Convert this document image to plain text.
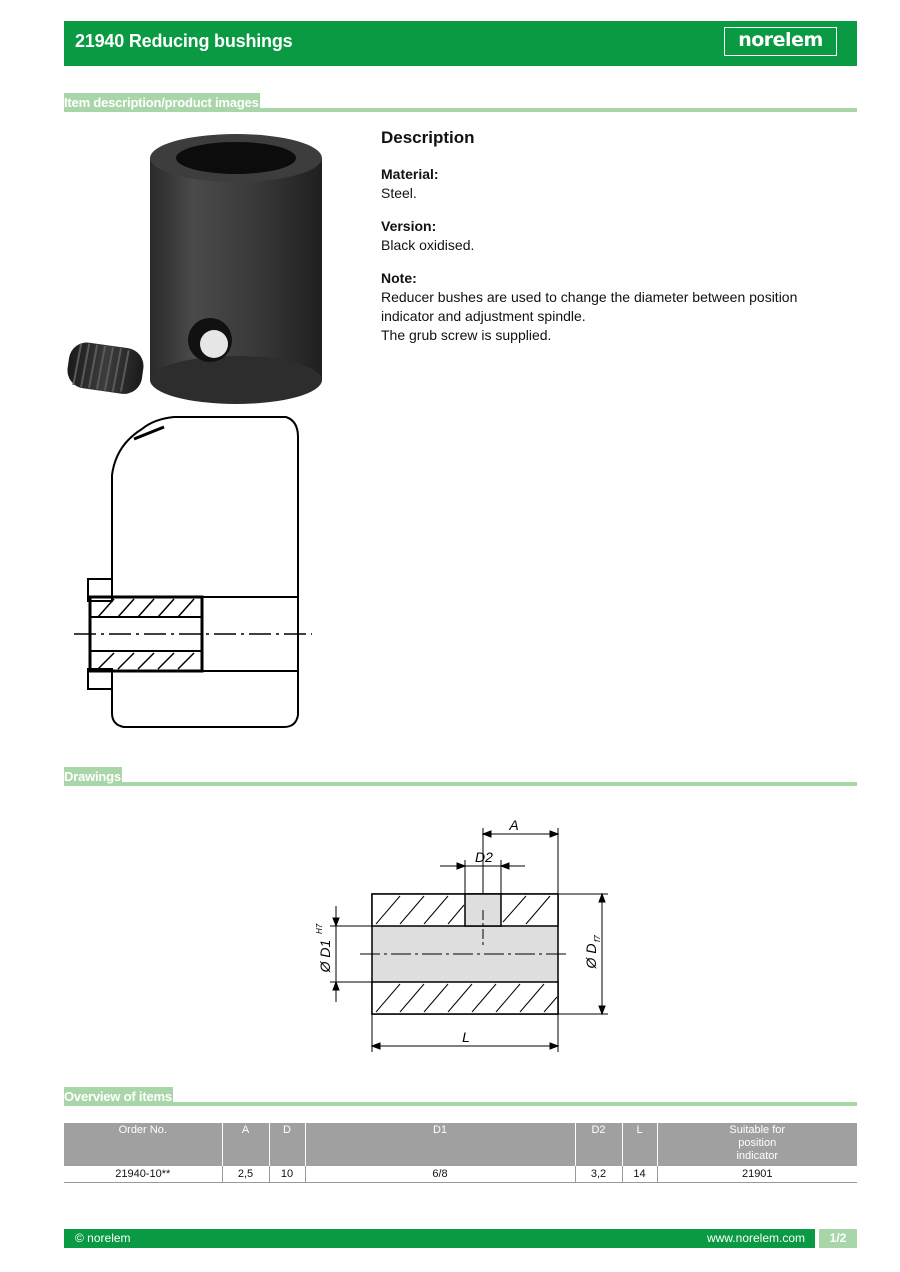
21940 Reducing bushings	norelem
Item description/product images
Description
Material:

Steel.

Version:

Black oxidised.

Note:

Reducer bushes are used to change the diameter between position indicator and adjustment spindle.

The grub screw is supplied.

Drawings
A
D2
Ø D1
H7
Ø D
f7
L
Overview of items
Order No.	A	D	D1	D2	L	Suitable for position indicator
21940-10**	2,5	10	6/8	3,2	14	21901
© norelem	www.norelem.com	1/2
